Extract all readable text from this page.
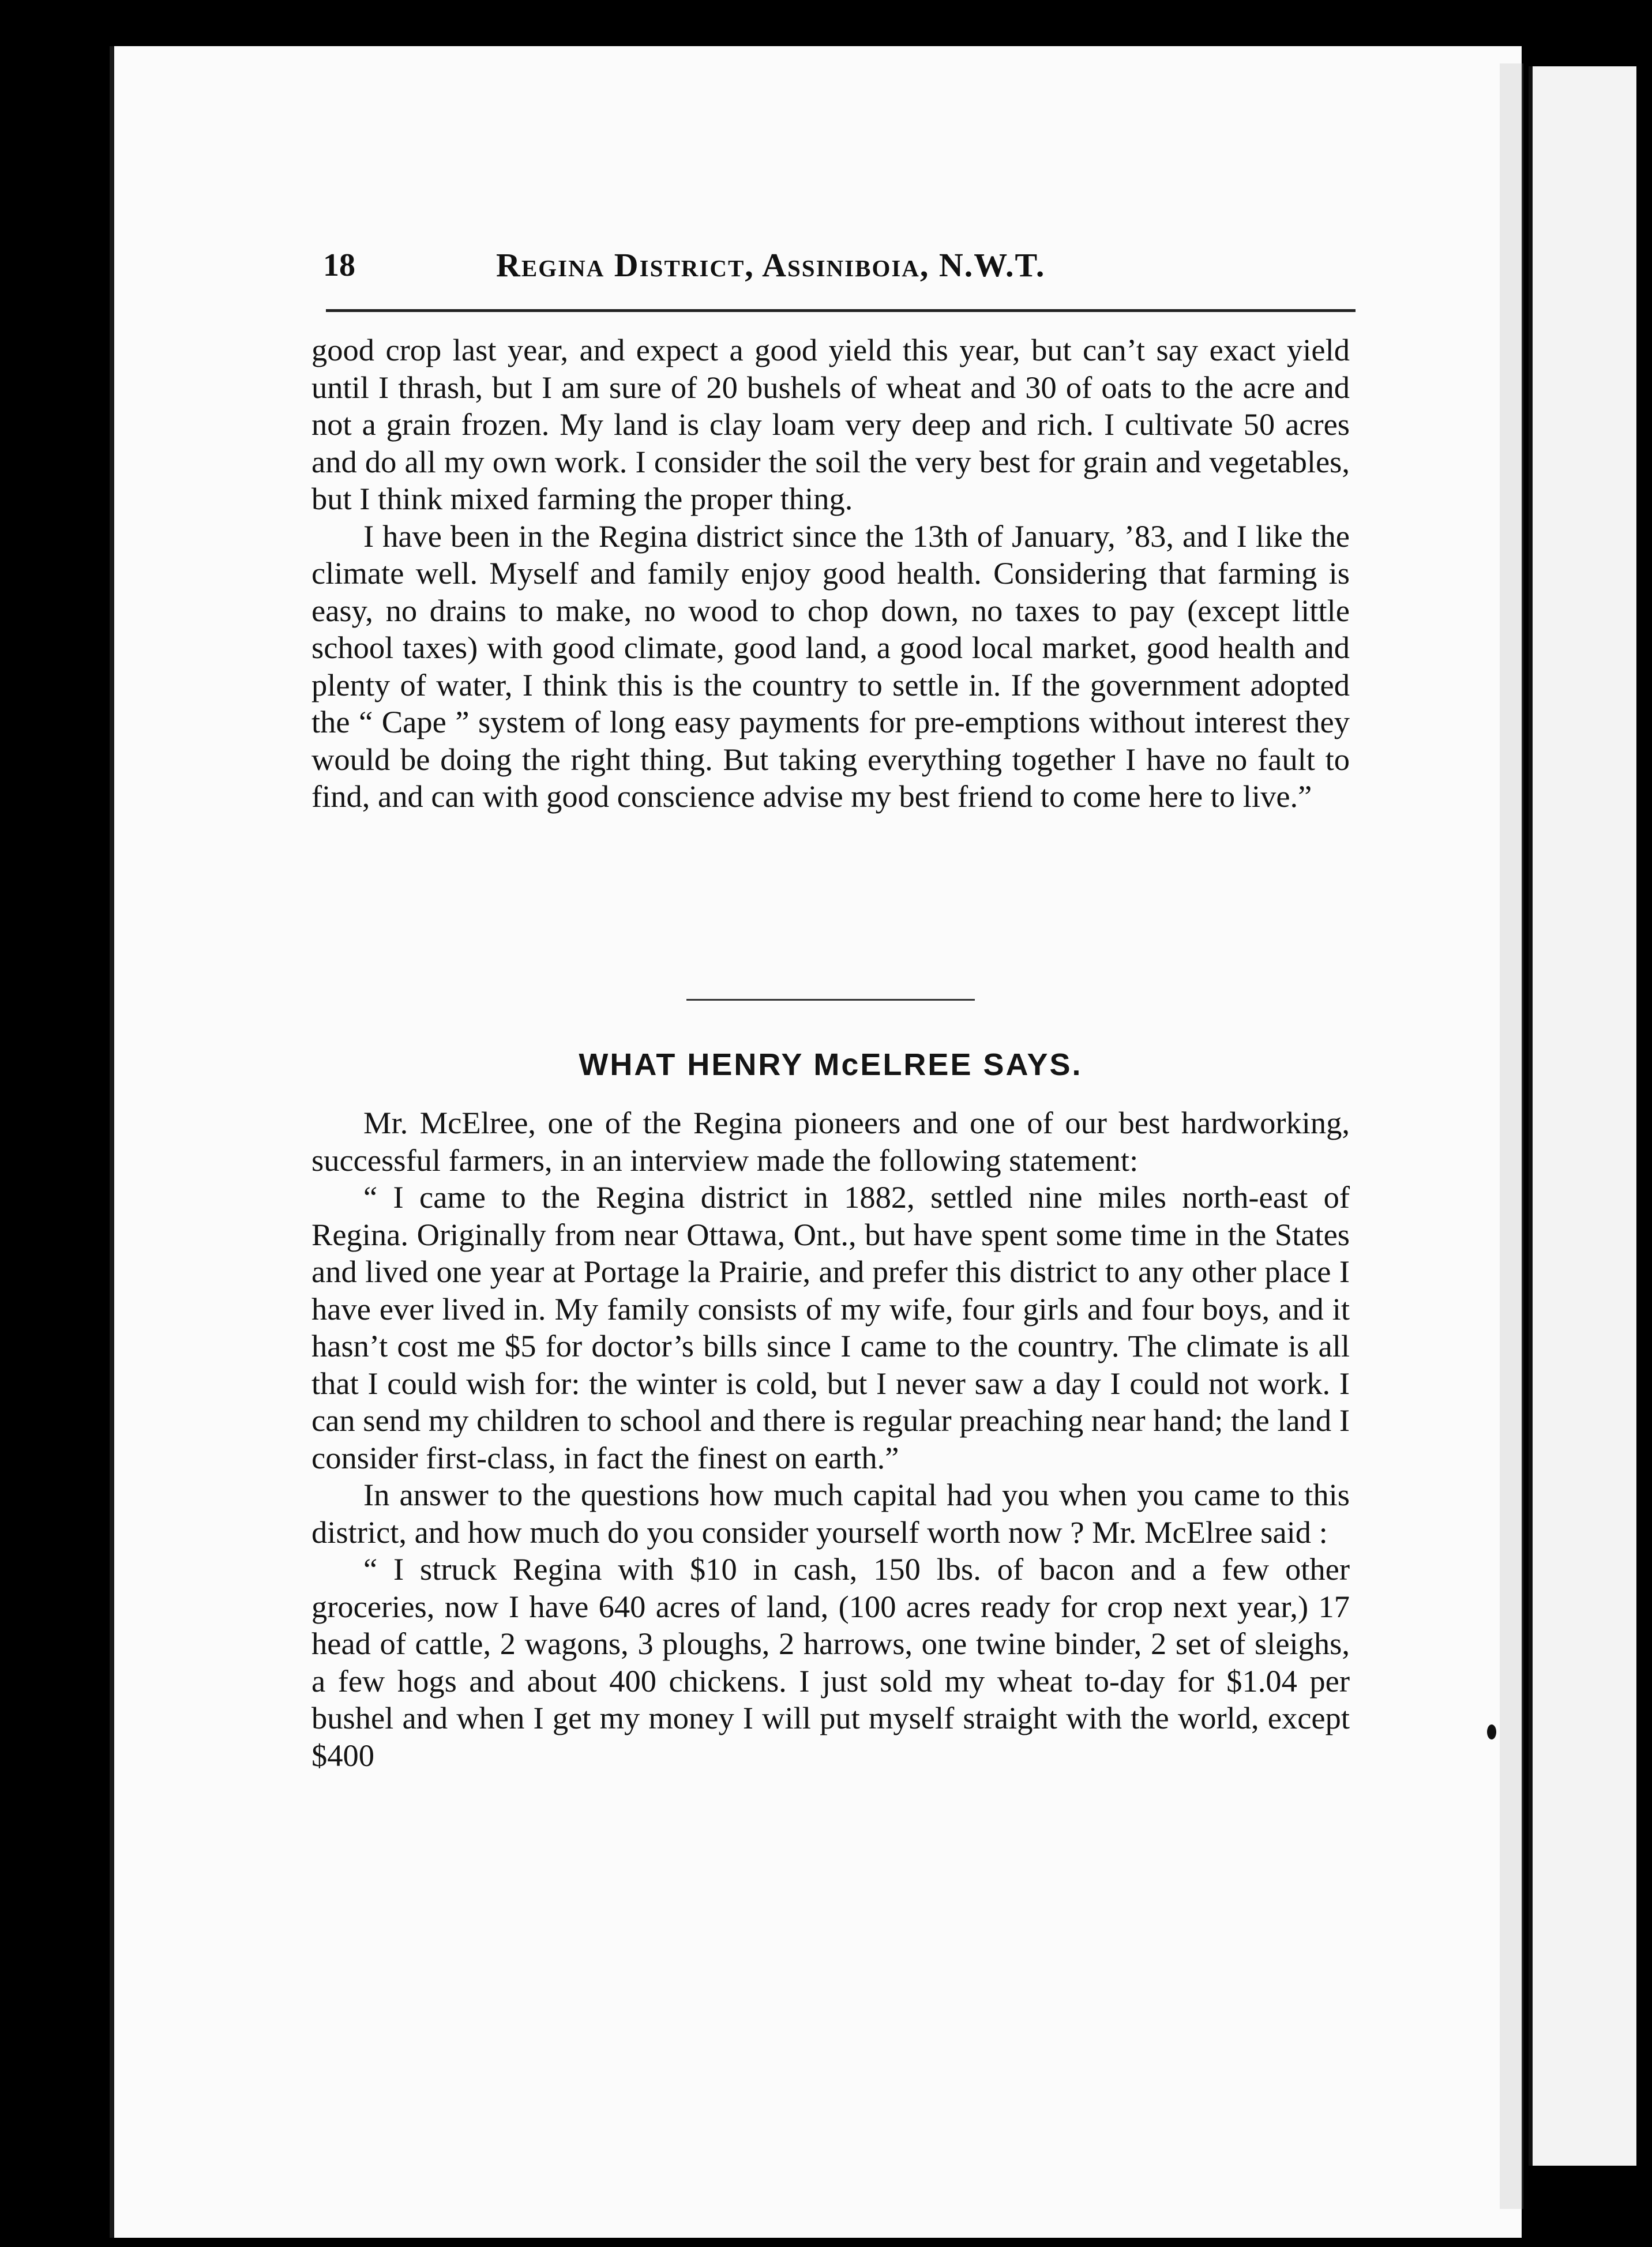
18	Regina District, Assiniboia, N.W.T.

good crop last year, and expect a good yield this year, but can’t say exact yield until I thrash, but I am sure of 20 bushels of wheat and 30 of oats to the acre and not a grain frozen. My land is clay loam very deep and rich. I cultivate 50 acres and do all my own work. I consider the soil the very best for grain and vegetables, but I think mixed farming the proper thing.

I have been in the Regina district since the 13th of January, ’83, and I like the climate well. Myself and family enjoy good health. Considering that farming is easy, no drains to make, no wood to chop down, no taxes to pay (except little school taxes) with good climate, good land, a good local market, good health and plenty of water, I think this is the country to settle in. If the government adopted the “ Cape ” system of long easy payments for pre-emptions without interest they would be doing the right thing. But taking everything together I have no fault to find, and can with good conscience advise my best friend to come here to live.”

WHAT HENRY McELREE SAYS.

Mr. McElree, one of the Regina pioneers and one of our best hardworking, successful farmers, in an interview made the following statement:

“ I came to the Regina district in 1882, settled nine miles north-east of Regina. Originally from near Ottawa, Ont., but have spent some time in the States and lived one year at Portage la Prairie, and prefer this district to any other place I have ever lived in. My family consists of my wife, four girls and four boys, and it hasn’t cost me $5 for doctor’s bills since I came to the country. The climate is all that I could wish for: the winter is cold, but I never saw a day I could not work. I can send my children to school and there is regular preaching near hand; the land I consider first-class, in fact the finest on earth.”

In answer to the questions how much capital had you when you came to this district, and how much do you consider yourself worth now ? Mr. McElree said :

“ I struck Regina with $10 in cash, 150 lbs. of bacon and a few other groceries, now I have 640 acres of land, (100 acres ready for crop next year,) 17 head of cattle, 2 wagons, 3 ploughs, 2 harrows, one twine binder, 2 set of sleighs, a few hogs and about 400 chickens. I just sold my wheat to-day for $1.04 per bushel and when I get my money I will put myself straight with the world, except $400
